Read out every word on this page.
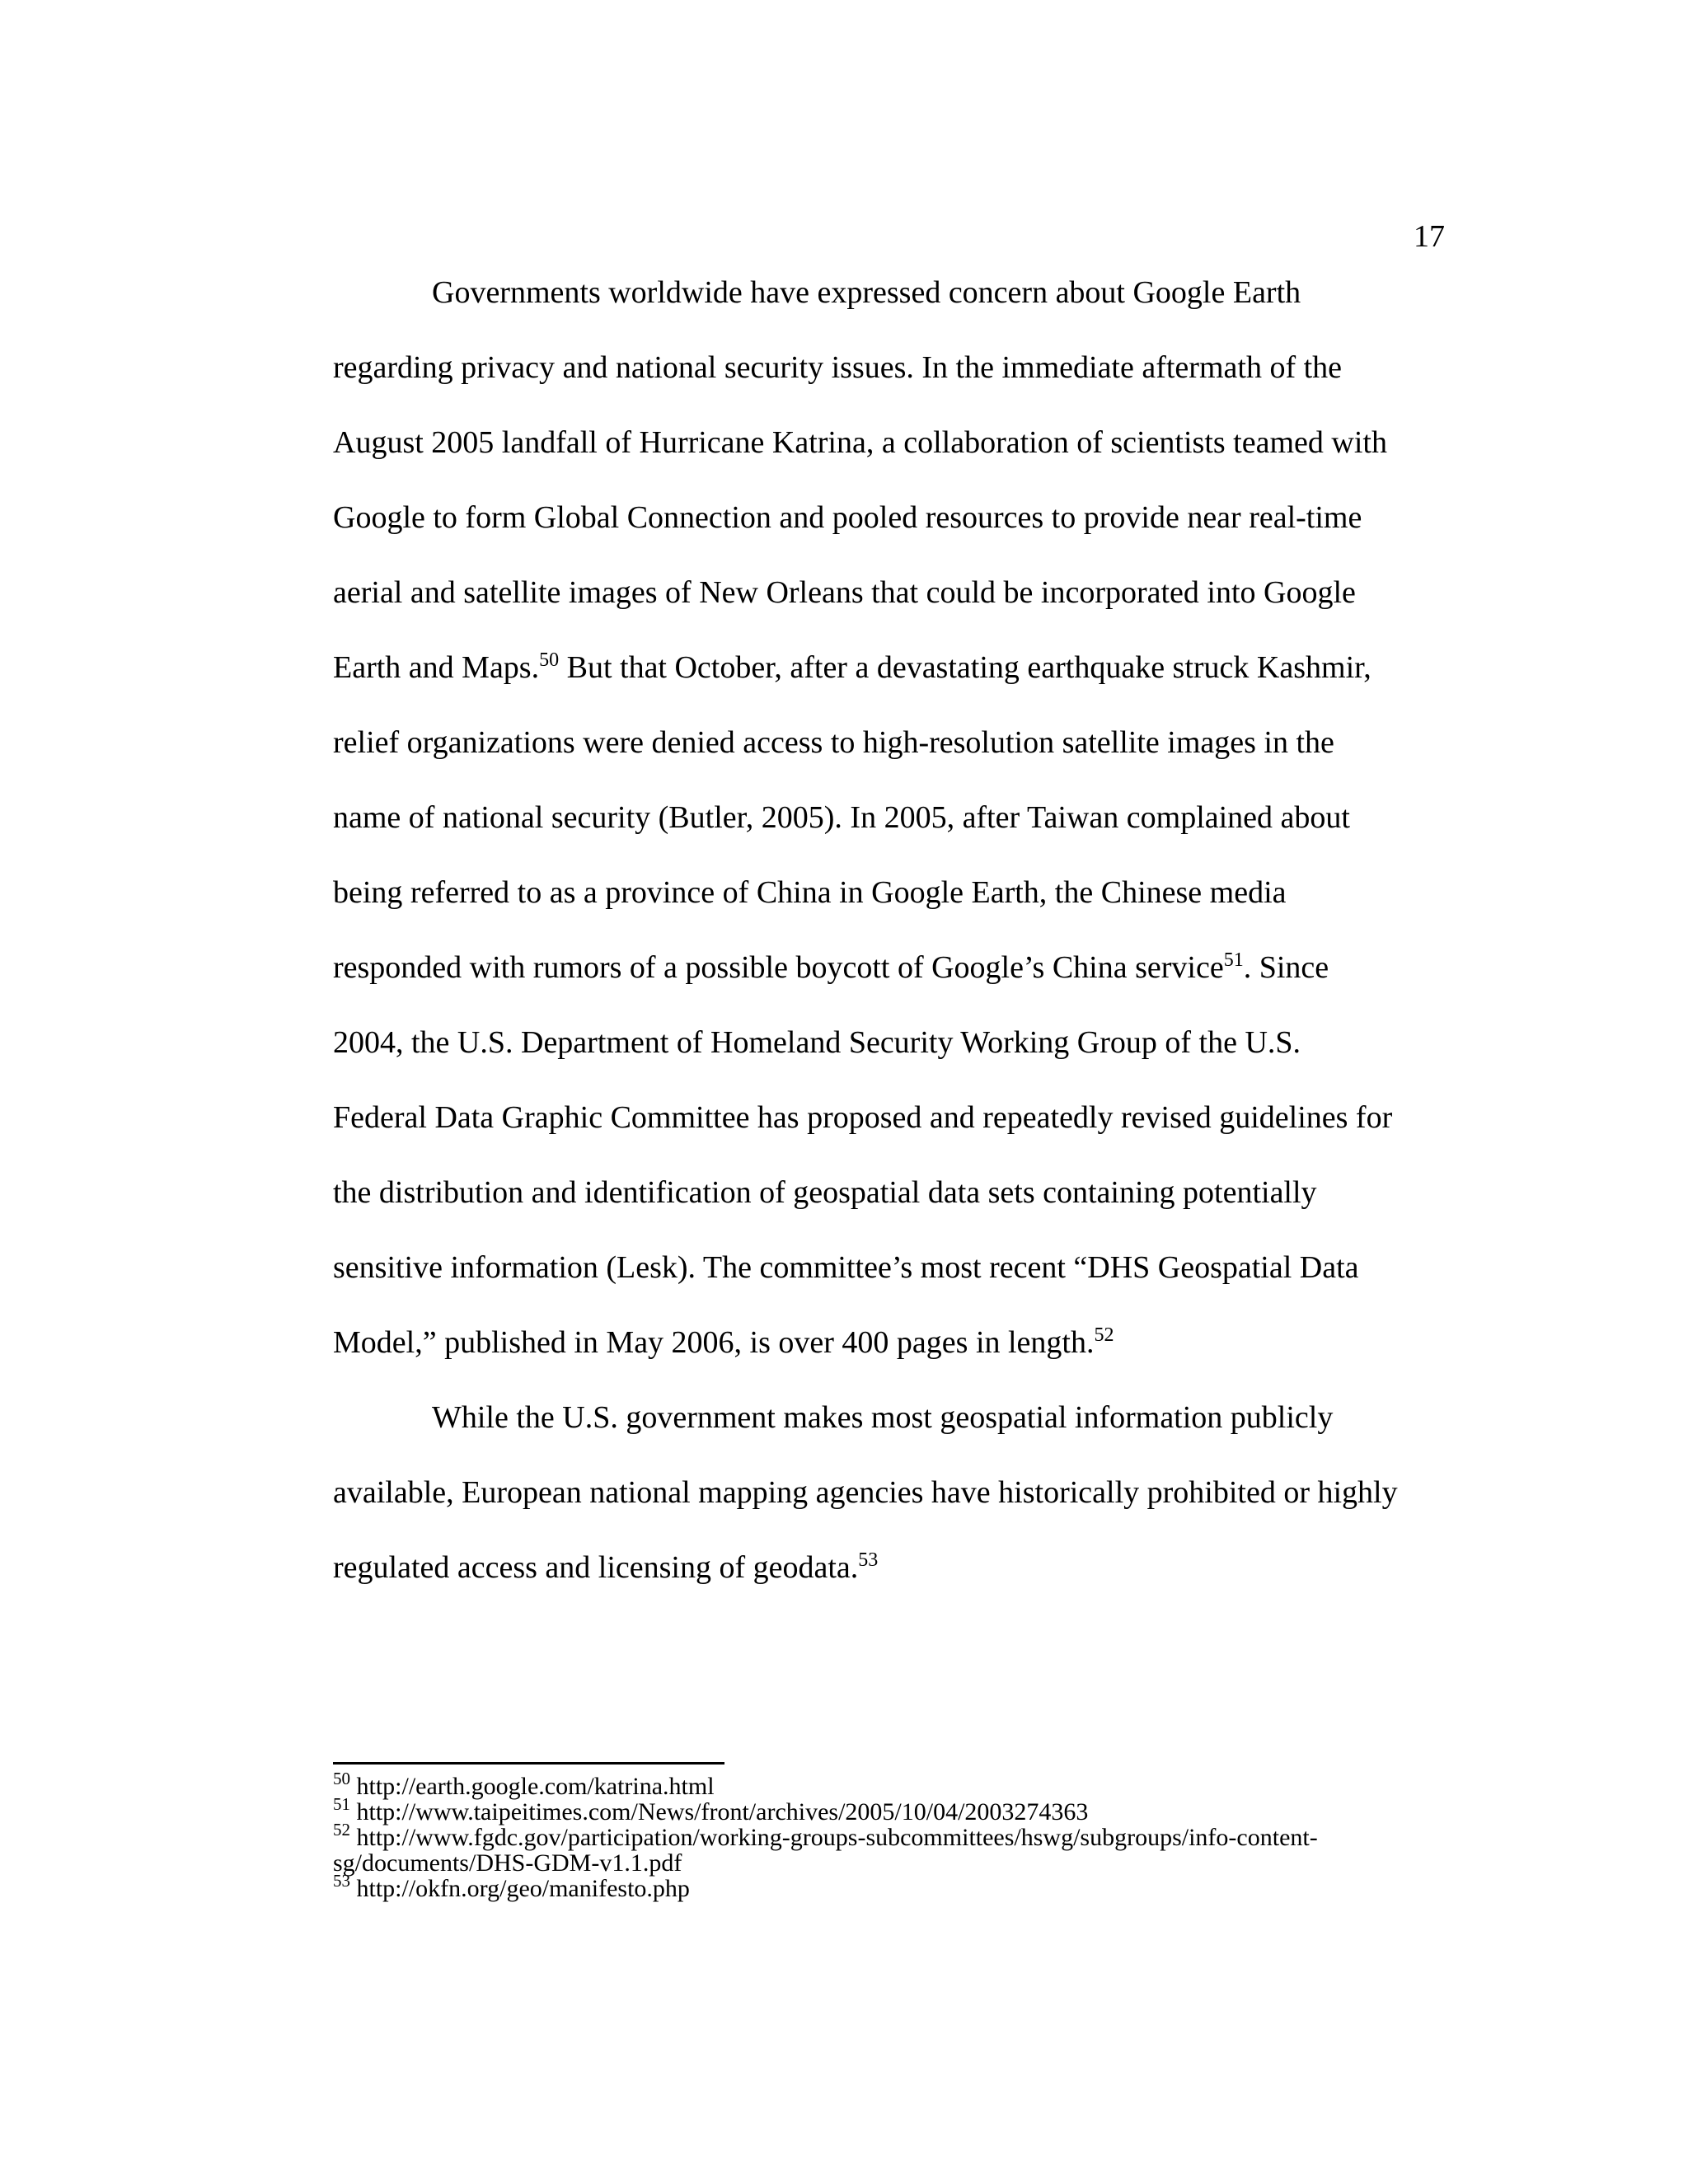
17
Governments worldwide have expressed concern about Google Earth
regarding privacy and national security issues. In the immediate aftermath of the
August 2005 landfall of Hurricane Katrina, a collaboration of scientists teamed with
Google to form Global Connection and pooled resources to provide near real-time
aerial and satellite images of New Orleans that could be incorporated into Google
Earth and Maps.$^{50}$ But that October, after a devastating earthquake struck Kashmir,
relief organizations were denied access to high-resolution satellite images in the
name of national security (Butler, 2005). In 2005, after Taiwan complained about
being referred to as a province of China in Google Earth, the Chinese media
responded with rumors of a possible boycott of Google’s China service$^{51}$. Since
2004, the U.S. Department of Homeland Security Working Group of the U.S.
Federal Data Graphic Committee has proposed and repeatedly revised guidelines for
the distribution and identification of geospatial data sets containing potentially
sensitive information (Lesk). The committee’s most recent “DHS Geospatial Data
Model,” published in May 2006, is over 400 pages in length.$^{52}$
While the U.S. government makes most geospatial information publicly
available, European national mapping agencies have historically prohibited or highly
regulated access and licensing of geodata.$^{53}$
$^{50}$ http://earth.google.com/katrina.html
$^{51}$ http://www.taipeitimes.com/News/front/archives/2005/10/04/2003274363
$^{52}$ http://www.fgdc.gov/participation/working-groups-subcommittees/hswg/subgroups/info-content-
sg/documents/DHS-GDM-v1.1.pdf
$^{53}$ http://okfn.org/geo/manifesto.php
